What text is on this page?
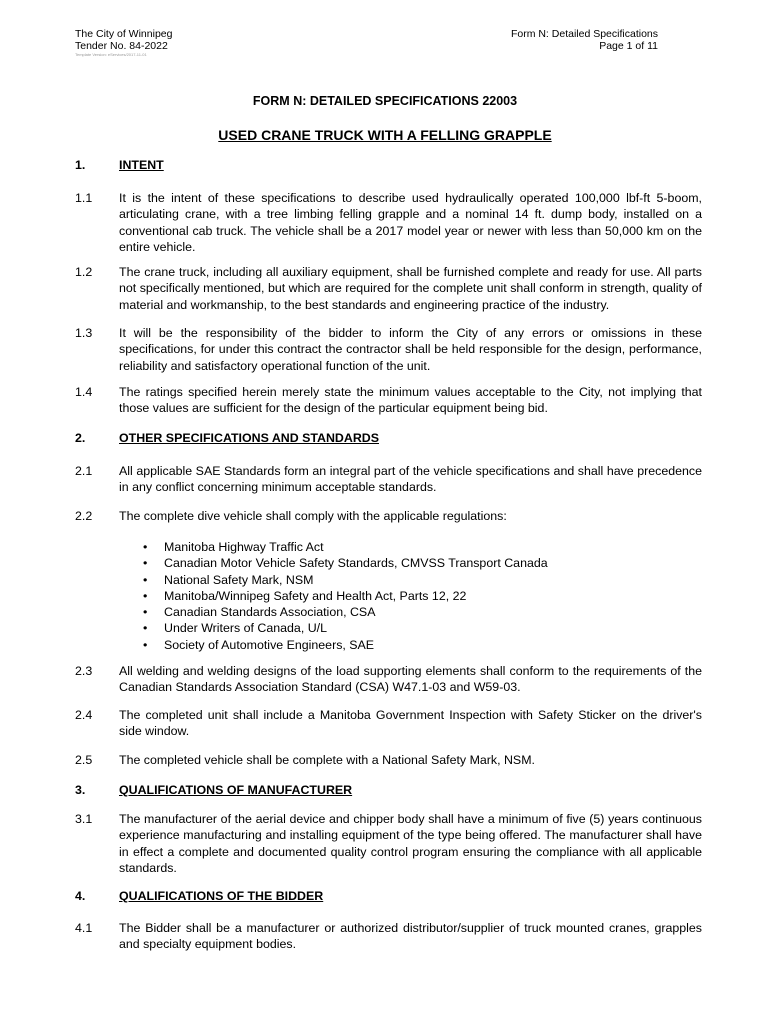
The City of Winnipeg
Tender No. 84-2022
Template Version: eServices/2017-11-01
Form N: Detailed Specifications
Page 1 of 11
FORM N: DETAILED SPECIFICATIONS 22003
USED CRANE TRUCK WITH A FELLING GRAPPLE
1.	INTENT
1.1 It is the intent of these specifications to describe used hydraulically operated 100,000 lbf-ft 5-boom, articulating crane, with a tree limbing felling grapple and a nominal 14 ft. dump body, installed on a conventional cab truck. The vehicle shall be a 2017 model year or newer with less than 50,000 km on the entire vehicle.
1.2 The crane truck, including all auxiliary equipment, shall be furnished complete and ready for use. All parts not specifically mentioned, but which are required for the complete unit shall conform in strength, quality of material and workmanship, to the best standards and engineering practice of the industry.
1.3 It will be the responsibility of the bidder to inform the City of any errors or omissions in these specifications, for under this contract the contractor shall be held responsible for the design, performance, reliability and satisfactory operational function of the unit.
1.4 The ratings specified herein merely state the minimum values acceptable to the City, not implying that those values are sufficient for the design of the particular equipment being bid.
2.	OTHER SPECIFICATIONS AND STANDARDS
2.1 All applicable SAE Standards form an integral part of the vehicle specifications and shall have precedence in any conflict concerning minimum acceptable standards.
2.2 The complete dive vehicle shall comply with the applicable regulations:
• Manitoba Highway Traffic Act
• Canadian Motor Vehicle Safety Standards, CMVSS Transport Canada
• National Safety Mark, NSM
• Manitoba/Winnipeg Safety and Health Act, Parts 12, 22
• Canadian Standards Association, CSA
• Under Writers of Canada, U/L
• Society of Automotive Engineers, SAE
2.3 All welding and welding designs of the load supporting elements shall conform to the requirements of the Canadian Standards Association Standard (CSA) W47.1-03 and W59-03.
2.4 The completed unit shall include a Manitoba Government Inspection with Safety Sticker on the driver's side window.
2.5 The completed vehicle shall be complete with a National Safety Mark, NSM.
3.	QUALIFICATIONS OF MANUFACTURER
3.1 The manufacturer of the aerial device and chipper body shall have a minimum of five (5) years continuous experience manufacturing and installing equipment of the type being offered. The manufacturer shall have in effect a complete and documented quality control program ensuring the compliance with all applicable standards.
4.	QUALIFICATIONS OF THE BIDDER
4.1 The Bidder shall be a manufacturer or authorized distributor/supplier of truck mounted cranes, grapples and specialty equipment bodies.
